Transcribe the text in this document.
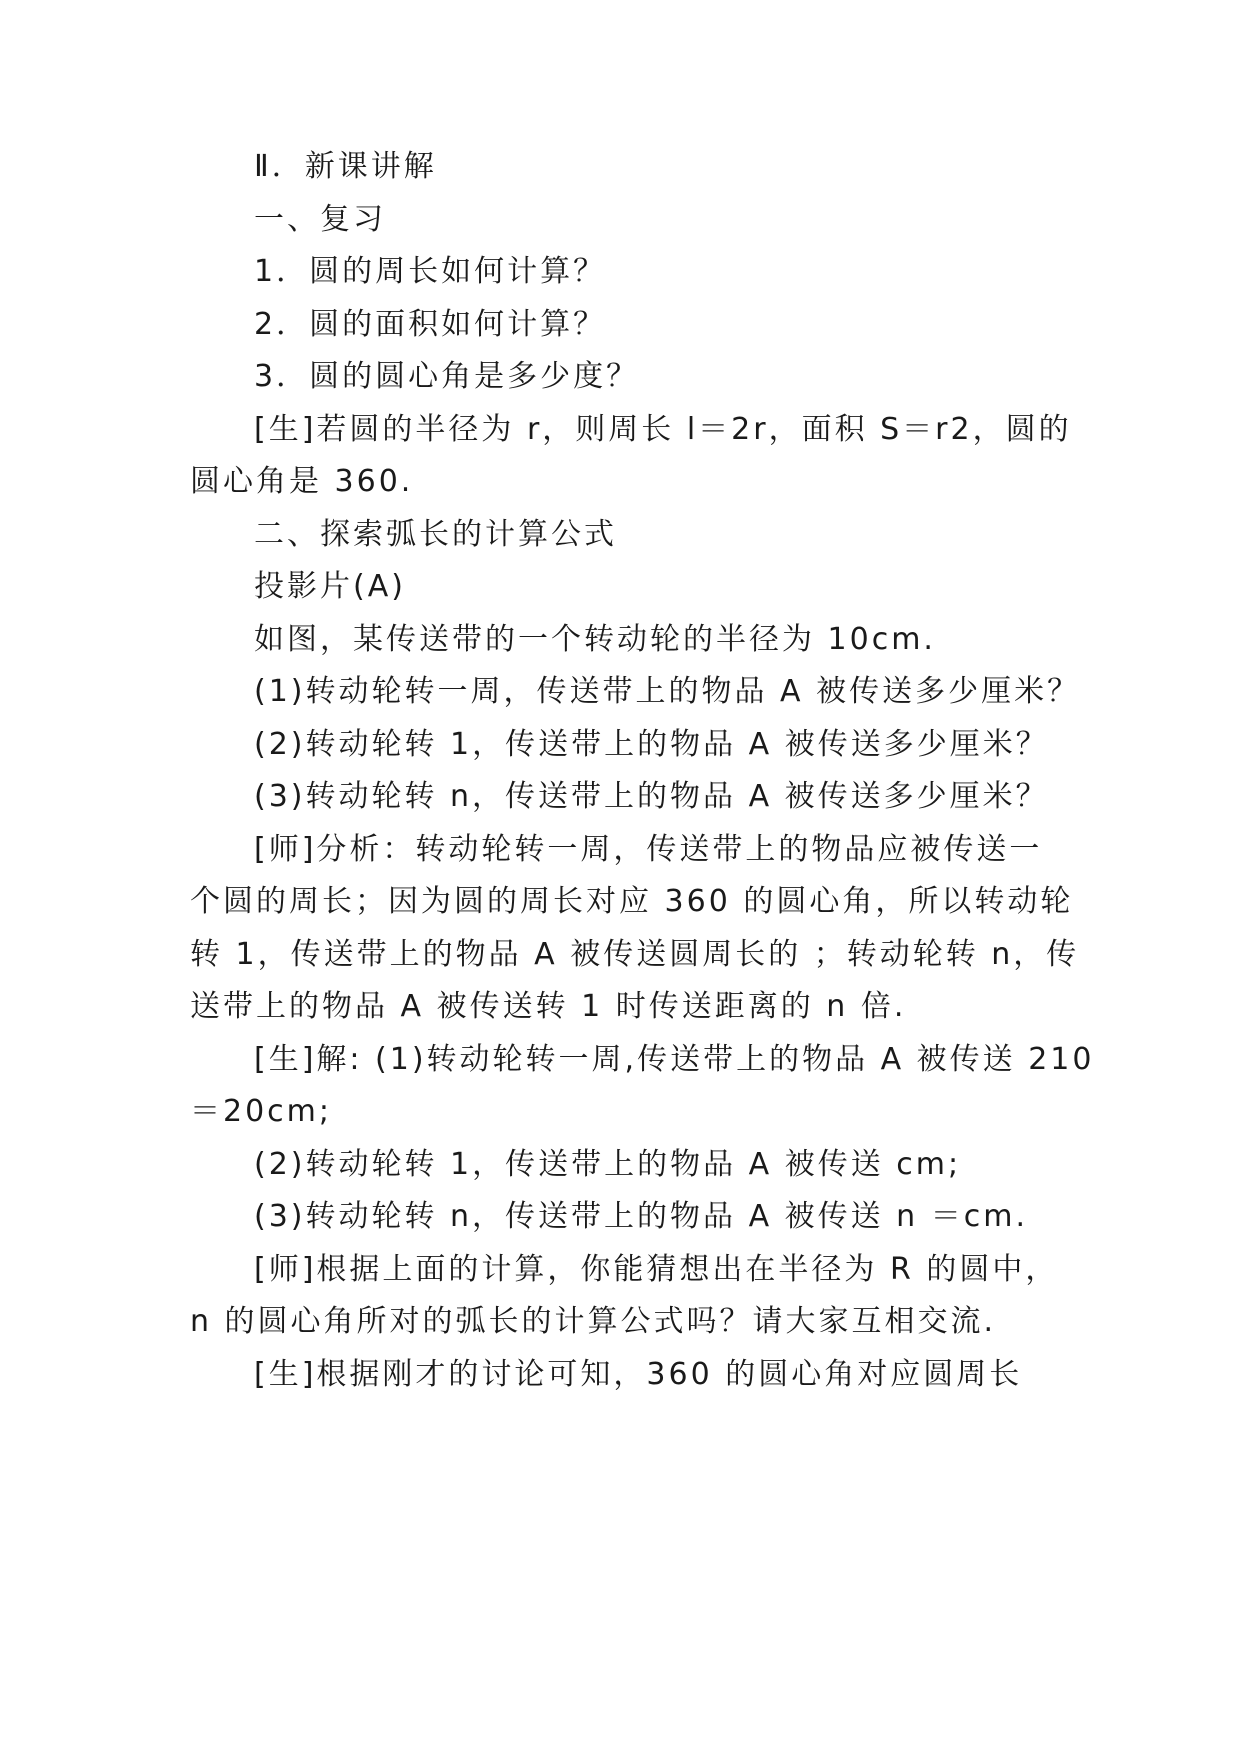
Ⅱ．新课讲解
一、复习
1．圆的周长如何计算？
2．圆的面积如何计算？
3．圆的圆心角是多少度？
[生]若圆的半径为 r，则周长 l＝2r，面积 S＝r2，圆的
圆心角是 360.
二、探索弧长的计算公式
投影片(A)
如图，某传送带的一个转动轮的半径为 10cm.
(1)转动轮转一周，传送带上的物品 A 被传送多少厘米？
(2)转动轮转 1，传送带上的物品 A 被传送多少厘米？
(3)转动轮转 n，传送带上的物品 A 被传送多少厘米？
[师]分析：转动轮转一周，传送带上的物品应被传送一
个圆的周长；因为圆的周长对应 360 的圆心角，所以转动轮
转 1，传送带上的物品 A 被传送圆周长的 ；转动轮转 n，传
送带上的物品 A 被传送转 1 时传送距离的 n 倍.
[生]解: (1)转动轮转一周,传送带上的物品 A 被传送 210
＝20cm;
(2)转动轮转 1，传送带上的物品 A 被传送 cm;
(3)转动轮转 n，传送带上的物品 A 被传送 n ＝cm.
[师]根据上面的计算，你能猜想出在半径为 R 的圆中，
n 的圆心角所对的弧长的计算公式吗？请大家互相交流.
[生]根据刚才的讨论可知，360 的圆心角对应圆周长
